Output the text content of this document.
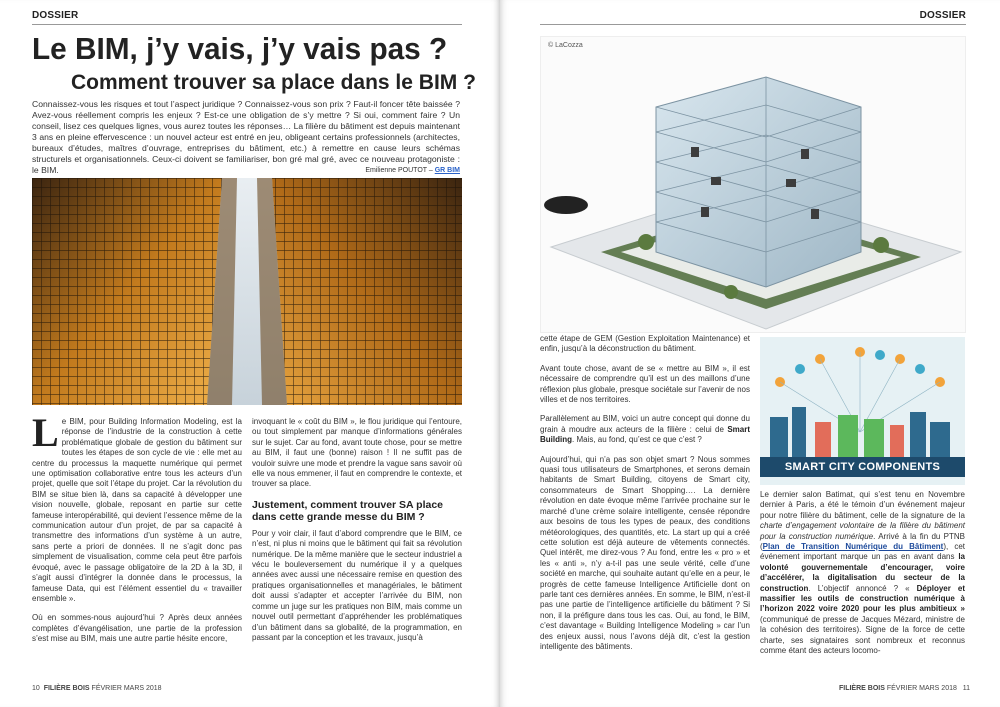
DOSSIER
Le BIM, j’y vais, j’y vais pas ?
Comment trouver sa place dans le BIM ?
Connaissez-vous les risques et tout l’aspect juridique ? Connaissez-vous son prix ? Faut-il foncer tête baissée ? Avez-vous réellement compris les enjeux ? Est-ce une obligation de s’y mettre ? Si oui, comment faire ? Un conseil, lisez ces quelques lignes, vous aurez toutes les réponses… La filière du bâtiment est depuis maintenant 3 ans en pleine effervescence : un nouvel acteur est entré en jeu, obligeant certains professionnels (architectes, bureaux d’études, maîtres d’ouvrage, entreprises du bâtiment, etc.) à remettre en cause leurs schémas structurels et organisationnels. Ceux-ci doivent se familiariser, bon gré mal gré, avec ce nouveau protagoniste : le BIM.	Emilienne POUTOT – GR BIM

Le BIM, pour Building Information Modeling, est la réponse de l’industrie de la construction à cette problématique globale de gestion du bâtiment sur toutes les étapes de son cycle de vie : elle met au centre du processus la maquette numérique qui permet une optimisation collaborative entre tous les acteurs d’un projet, quelle que soit l’étape du projet. Car la révolution du BIM se situe bien là, dans sa capacité à développer une vision nouvelle, globale, reposant en partie sur cette fameuse interopérabilité, qui devient l’essence même de la communication autour d’un projet, de par sa capacité à transmettre des informations d’un système à un autre, sans perte a priori de données. Il ne s’agit donc pas simplement de visualisation, comme cela peut être parfois évoqué, avec le passage obligatoire de la 2D à la 3D, il s’agit aussi d’intégrer la donnée dans le processus, la fameuse Data, qui est l’élément essentiel du « travailler ensemble ».

Où en sommes-nous aujourd’hui ? Après deux années complètes d’évangélisation, une partie de la profession s’est mise au BIM, mais une autre partie hésite encore,

invoquant le « coût du BIM », le flou juridique qui l’entoure, ou tout simplement par manque d’informations générales sur le sujet. Car au fond, avant toute chose, pour se mettre au BIM, il faut une (bonne) raison ! Il ne suffit pas de vouloir suivre une mode et prendre la vague sans savoir où elle va nous emmener, il faut en comprendre le contexte, et trouver sa place.

Justement, comment trouver SA place dans cette grande messe du BIM ?

Pour y voir clair, il faut d’abord comprendre que le BIM, ce n’est, ni plus ni moins que le bâtiment qui fait sa révolution numérique. De la même manière que le secteur industriel a vécu le bouleversement du numérique il y a quelques années avec aussi une nécessaire remise en question des pratiques organisationnelles et managériales, le bâtiment doit aussi s’adapter et accepter l’arrivée du BIM, non comme un juge sur les pratiques non BIM, mais comme un nouvel outil permettant d’appréhender les problématiques d’un bâtiment dans sa globalité, de la programmation, en passant par la conception et les travaux, jusqu’à

10 FILIÈRE BOIS FÉVRIER MARS 2018
DOSSIER
© LaCozza

cette étape de GEM (Gestion Exploitation Maintenance) et enfin, jusqu’à la déconstruction du bâtiment.

Avant toute chose, avant de se « mettre au BIM », il est nécessaire de comprendre qu’il est un des maillons d’une réflexion plus globale, presque sociétale sur l’avenir de nos villes et de nos territoires.

Parallèlement au BIM, voici un autre concept qui donne du grain à moudre aux acteurs de la filière : celui de Smart Building. Mais, au fond, qu’est ce que c’est ?

Aujourd’hui, qui n’a pas son objet smart ? Nous sommes quasi tous utilisateurs de Smartphones, et serons demain habitants de Smart Building, citoyens de Smart city, consommateurs de Smart Shopping…. La dernière révolution en date évoque même l’arrivée prochaine sur le marché d’une crème solaire intelligente, censée répondre aux besoins de tous les types de peaux, des conditions météorologiques, des quantités, etc. La start up qui a créé cette solution est déjà auteure de vêtements connectés. Quel intérêt, me direz-vous ? Au fond, entre les « pro » et les « anti », n’y a-t-il pas une seule vérité, celle d’une société en marche, qui souhaite autant qu’elle en a peur, le progrès de cette fameuse Intelligence Artificielle dont on parle tant ces dernières années. En somme, le BIM, n’est-il pas une partie de l’intelligence artificielle du bâtiment ? Si non, il la préfigure dans tous les cas. Oui, au fond, le BIM, c’est davantage « Building Intelligence Modeling » car l’un des enjeux aussi, nous l’avons déjà dit, c’est la gestion intelligente des bâtiments.

SMART CITY COMPONENTS

Le dernier salon Batimat, qui s’est tenu en Novembre dernier à Paris, a été le témoin d’un événement majeur pour notre filière du bâtiment, celle de la signature de la charte d’engagement volontaire de la filière du bâtiment pour la construction numérique. Arrivé à la fin du PTNB (Plan de Transition Numérique du Bâtiment), cet événement important marque un pas en avant dans la volonté gouvernementale d’encourager, voire d’accélérer, la digitalisation du secteur de la construction. L’objectif annoncé ? « Déployer et massifier les outils de construction numérique à l’horizon 2022 voire 2020 pour les plus ambitieux » (communiqué de presse de Jacques Mézard, ministre de la cohésion des territoires). Signe de la force de cette charte, ses signataires sont nombreux et reconnus comme étant des acteurs locomo-

FILIÈRE BOIS FÉVRIER MARS 2018 11
